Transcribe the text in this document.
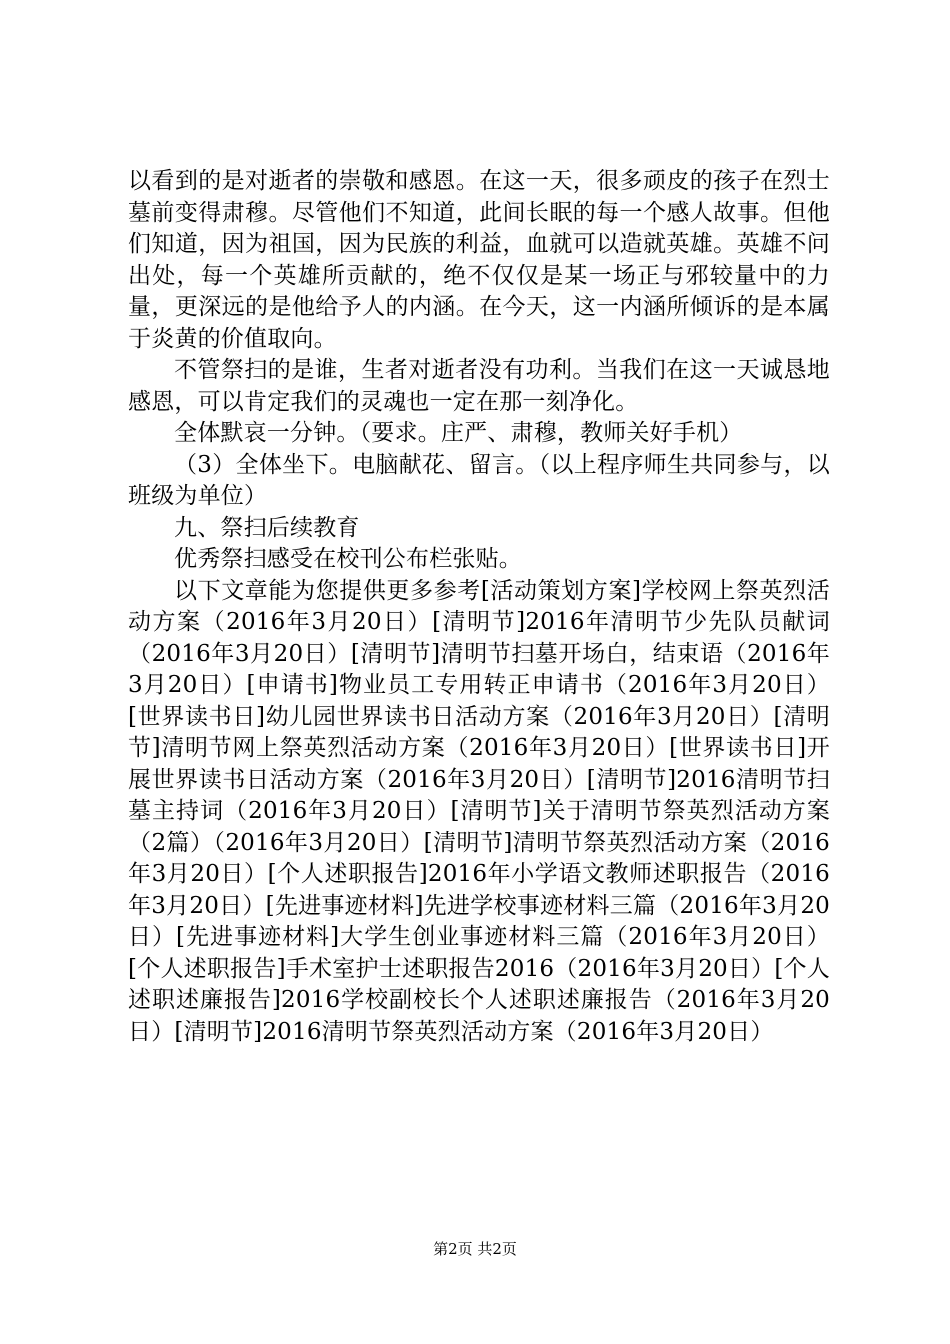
以看到的是对逝者的崇敬和感恩。在这一天，很多顽皮的孩子在烈士墓前变得肃穆。尽管他们不知道，此间长眠的每一个感人故事。但他们知道，因为祖国，因为民族的利益，血就可以造就英雄。英雄不问出处，每一个英雄所贡献的，绝不仅仅是某一场正与邪较量中的力量，更深远的是他给予人的内涵。在今天，这一内涵所倾诉的是本属于炎黄的价值取向。

不管祭扫的是谁，生者对逝者没有功利。当我们在这一天诚恳地感恩，可以肯定我们的灵魂也一定在那一刻净化。

全体默哀一分钟。（要求。庄严、肃穆，教师关好手机）

（3）全体坐下。电脑献花、留言。（以上程序师生共同参与，以班级为单位）

九、祭扫后续教育

优秀祭扫感受在校刊公布栏张贴。

以下文章能为您提供更多参考[活动策划方案]学校网上祭英烈活动方案（2016年3月20日）[清明节]2016年清明节少先队员献词（2016年3月20日）[清明节]清明节扫墓开场白，结束语（2016年3月20日）[申请书]物业员工专用转正申请书（2016年3月20日）[世界读书日]幼儿园世界读书日活动方案（2016年3月20日）[清明节]清明节网上祭英烈活动方案（2016年3月20日）[世界读书日]开展世界读书日活动方案（2016年3月20日）[清明节]2016清明节扫墓主持词（2016年3月20日）[清明节]关于清明节祭英烈活动方案（2篇）（2016年3月20日）[清明节]清明节祭英烈活动方案（2016年3月20日）[个人述职报告]2016年小学语文教师述职报告（2016年3月20日）[先进事迹材料]先进学校事迹材料三篇（2016年3月20日）[先进事迹材料]大学生创业事迹材料三篇（2016年3月20日）[个人述职报告]手术室护士述职报告2016（2016年3月20日）[个人述职述廉报告]2016学校副校长个人述职述廉报告（2016年3月20日）[清明节]2016清明节祭英烈活动方案（2016年3月20日）

第2页 共2页
